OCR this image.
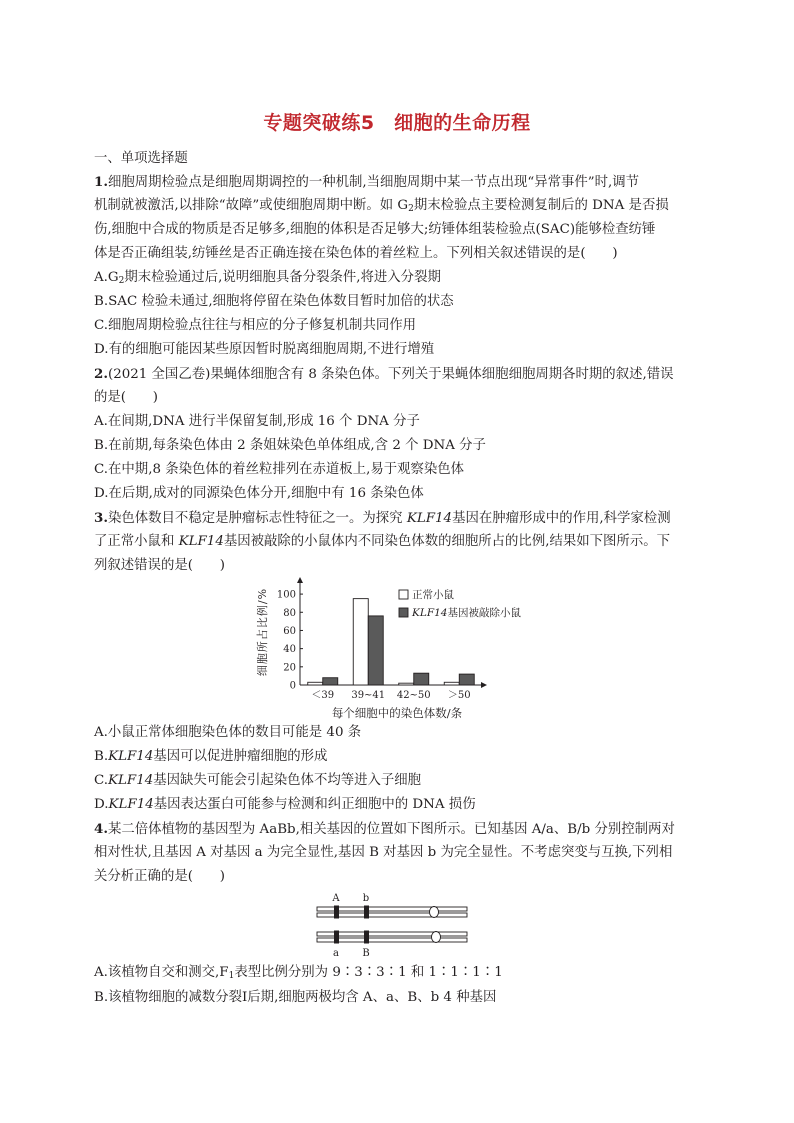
专题突破练5　细胞的生命历程
一、单项选择题
1.细胞周期检验点是细胞周期调控的一种机制,当细胞周期中某一节点出现“异常事件”时,调节
机制就被激活,以排除“故障”或使细胞周期中断。如 $G_2$期末检验点主要检测复制后的 DNA 是否损
伤,细胞中合成的物质是否足够多,细胞的体积是否足够大;纺锤体组装检验点(SAC)能够检查纺锤
体是否正确组装,纺锤丝是否正确连接在染色体的着丝粒上。下列相关叙述错误的是(　　)
$A.G_2$期末检验通过后,说明细胞具备分裂条件,将进入分裂期
B.SAC 检验未通过,细胞将停留在染色体数目暂时加倍的状态
C.细胞周期检验点往往与相应的分子修复机制共同作用
D.有的细胞可能因某些原因暂时脱离细胞周期,不进行增殖
2.(2021 全国乙卷)果蝇体细胞含有 8 条染色体。下列关于果蝇体细胞细胞周期各时期的叙述,错误
的是(　　)
A.在间期,DNA 进行半保留复制,形成 16 个 DNA 分子
B.在前期,每条染色体由 2 条姐妹染色单体组成,含 2 个 DNA 分子
C.在中期,8 条染色体的着丝粒排列在赤道板上,易于观察染色体
D.在后期,成对的同源染色体分开,细胞中有 16 条染色体
3.染色体数目不稳定是肿瘤标志性特征之一。为探究 KLF14基因在肿瘤形成中的作用,科学家检测
了正常小鼠和 KLF14基因被敲除的小鼠体内不同染色体数的细胞所占的比例,结果如下图所示。下
列叙述错误的是(　　)
细胞所占比例/%
0
20
40
60
80
100
＜39 39~41 42~50 ＞50
正常小鼠
KLF14基因被敲除小鼠
每个细胞中的染色体数/条
A.小鼠正常体细胞染色体的数目可能是 40 条
B.KLF14基因可以促进肿瘤细胞的形成
C.KLF14基因缺失可能会引起染色体不均等进入子细胞
D.KLF14基因表达蛋白可能参与检测和纠正细胞中的 DNA 损伤
4.某二倍体植物的基因型为 AaBb,相关基因的位置如下图所示。已知基因 A/a、B/b 分别控制两对
相对性状,且基因 A 对基因 a 为完全显性,基因 B 对基因 b 为完全显性。不考虑突变与互换,下列相
关分析正确的是(　　)
A b
a B
A.该植物自交和测交$,F_1$表型比例分别为 9∶3∶3∶1 和 1∶1∶1∶1
B.该植物细胞的减数分裂Ⅰ后期,细胞两极均含 A、a、B、b 4 种基因
